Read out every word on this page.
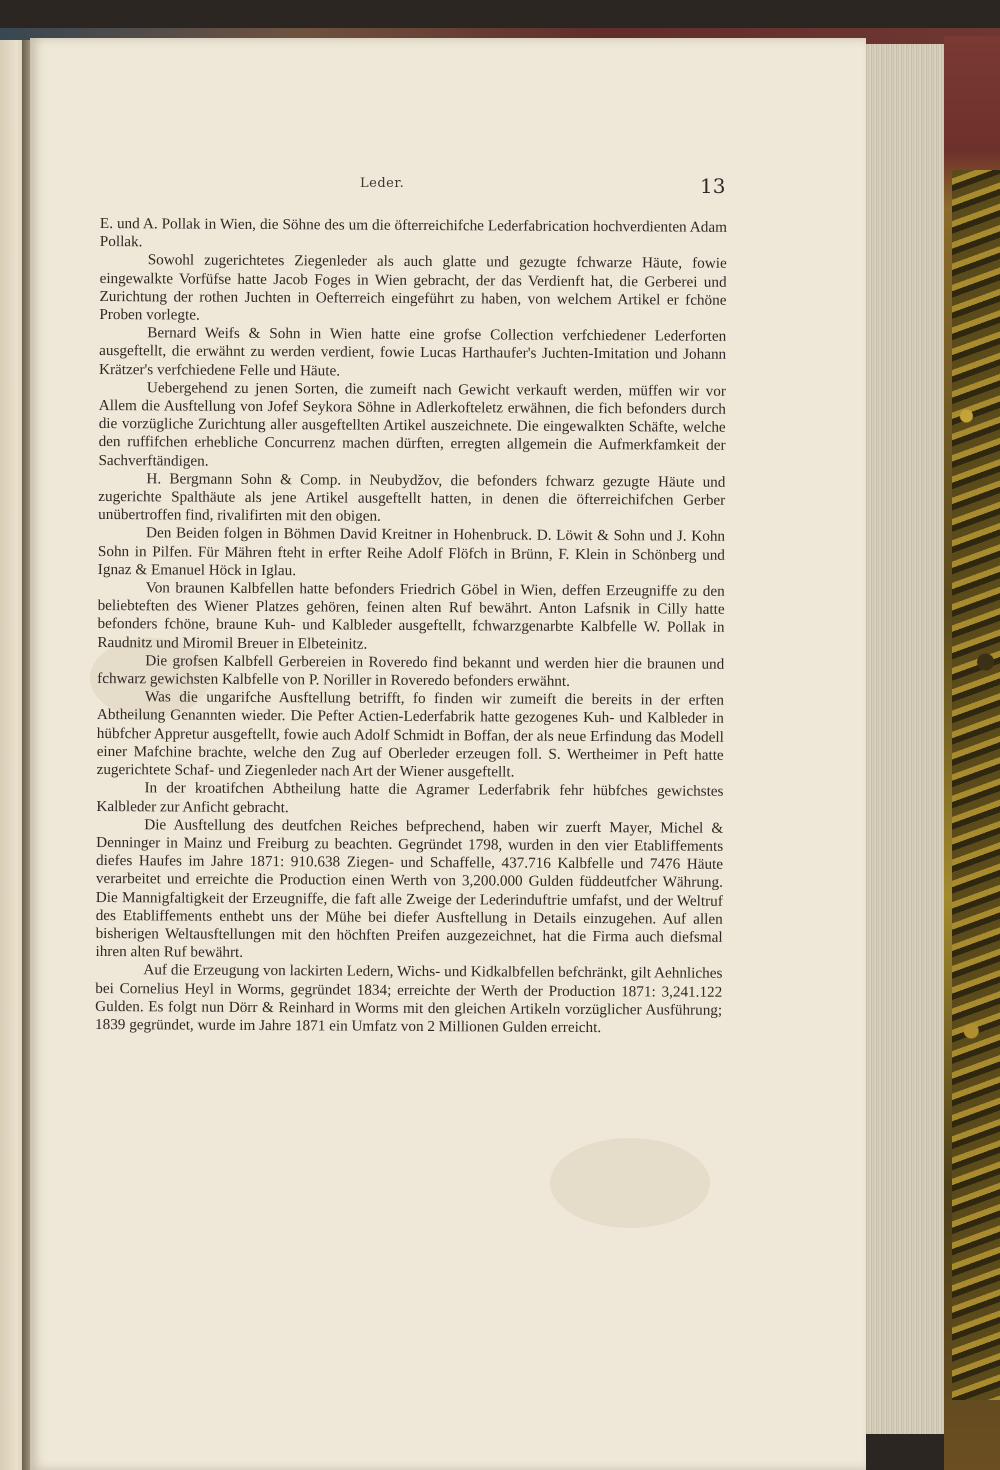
Leder.	13

E. und A. Pollak in Wien, die Söhne des um die öfterreichifche Lederfabrication hochverdienten Adam Pollak.

Sowohl zugerichtetes Ziegenleder als auch glatte und gezugte fchwarze Häute, fowie eingewalkte Vorfüfse hatte Jacob Foges in Wien gebracht, der das Verdienft hat, die Gerberei und Zurichtung der rothen Juchten in Oefterreich eingeführt zu haben, von welchem Artikel er fchöne Proben vorlegte.

Bernard Weifs & Sohn in Wien hatte eine grofse Collection verfchiedener Lederforten ausgeftellt, die erwähnt zu werden verdient, fowie Lucas Harthaufer's Juchten-Imitation und Johann Krätzer's verfchiedene Felle und Häute.

Uebergehend zu jenen Sorten, die zumeift nach Gewicht verkauft werden, müffen wir vor Allem die Ausftellung von Jofef Seykora Söhne in Adlerkofteletz erwähnen, die fich befonders durch die vorzügliche Zurichtung aller ausgeftellten Artikel auszeichnete. Die eingewalkten Schäfte, welche den ruffifchen erhebliche Concurrenz machen dürften, erregten allgemein die Aufmerkfamkeit der Sachverftändigen.

H. Bergmann Sohn & Comp. in Neubydžov, die befonders fchwarz gezugte Häute und zugerichte Spalthäute als jene Artikel ausgeftellt hatten, in denen die öfterreichifchen Gerber unübertroffen find, rivalifirten mit den obigen.

Den Beiden folgen in Böhmen David Kreitner in Hohenbruck. D. Löwit & Sohn und J. Kohn Sohn in Pilfen. Für Mähren fteht in erfter Reihe Adolf Flöfch in Brünn, F. Klein in Schönberg und Ignaz & Emanuel Höck in Iglau.

Von braunen Kalbfellen hatte befonders Friedrich Göbel in Wien, deffen Erzeugniffe zu den beliebteften des Wiener Platzes gehören, feinen alten Ruf bewährt. Anton Lafsnik in Cilly hatte befonders fchöne, braune Kuh- und Kalbleder ausgeftellt, fchwarzgenarbte Kalbfelle W. Pollak in Raudnitz und Miromil Breuer in Elbeteinitz.

Die grofsen Kalbfell Gerbereien in Roveredo find bekannt und werden hier die braunen und fchwarz gewichsten Kalbfelle von P. Noriller in Roveredo befonders erwähnt.

Was die ungarifche Ausftellung betrifft, fo finden wir zumeift die bereits in der erften Abtheilung Genannten wieder. Die Pefter Actien-Lederfabrik hatte gezogenes Kuh- und Kalbleder in hübfcher Appretur ausgeftellt, fowie auch Adolf Schmidt in Boffan, der als neue Erfindung das Modell einer Mafchine brachte, welche den Zug auf Oberleder erzeugen foll. S. Wertheimer in Peft hatte zugerichtete Schaf- und Ziegenleder nach Art der Wiener ausgeftellt.

In der kroatifchen Abtheilung hatte die Agramer Lederfabrik fehr hübfches gewichstes Kalbleder zur Anficht gebracht.

Die Ausftellung des deutfchen Reiches befprechend, haben wir zuerft Mayer, Michel & Denninger in Mainz und Freiburg zu beachten. Gegründet 1798, wurden in den vier Etabliffements diefes Haufes im Jahre 1871: 910.638 Ziegen- und Schaffelle, 437.716 Kalbfelle und 7476 Häute verarbeitet und erreichte die Production einen Werth von 3,200.000 Gulden füddeutfcher Währung. Die Mannigfaltigkeit der Erzeugniffe, die faft alle Zweige der Lederinduftrie umfafst, und der Weltruf des Etabliffements enthebt uns der Mühe bei diefer Ausftellung in Details einzugehen. Auf allen bisherigen Weltausftellungen mit den höchften Preifen auzgezeichnet, hat die Firma auch diefsmal ihren alten Ruf bewährt.

Auf die Erzeugung von lackirten Ledern, Wichs- und Kidkalbfellen befchränkt, gilt Aehnliches bei Cornelius Heyl in Worms, gegründet 1834; erreichte der Werth der Production 1871: 3,241.122 Gulden. Es folgt nun Dörr & Reinhard in Worms mit den gleichen Artikeln vorzüglicher Ausführung; 1839 gegründet, wurde im Jahre 1871 ein Umfatz von 2 Millionen Gulden erreicht.
